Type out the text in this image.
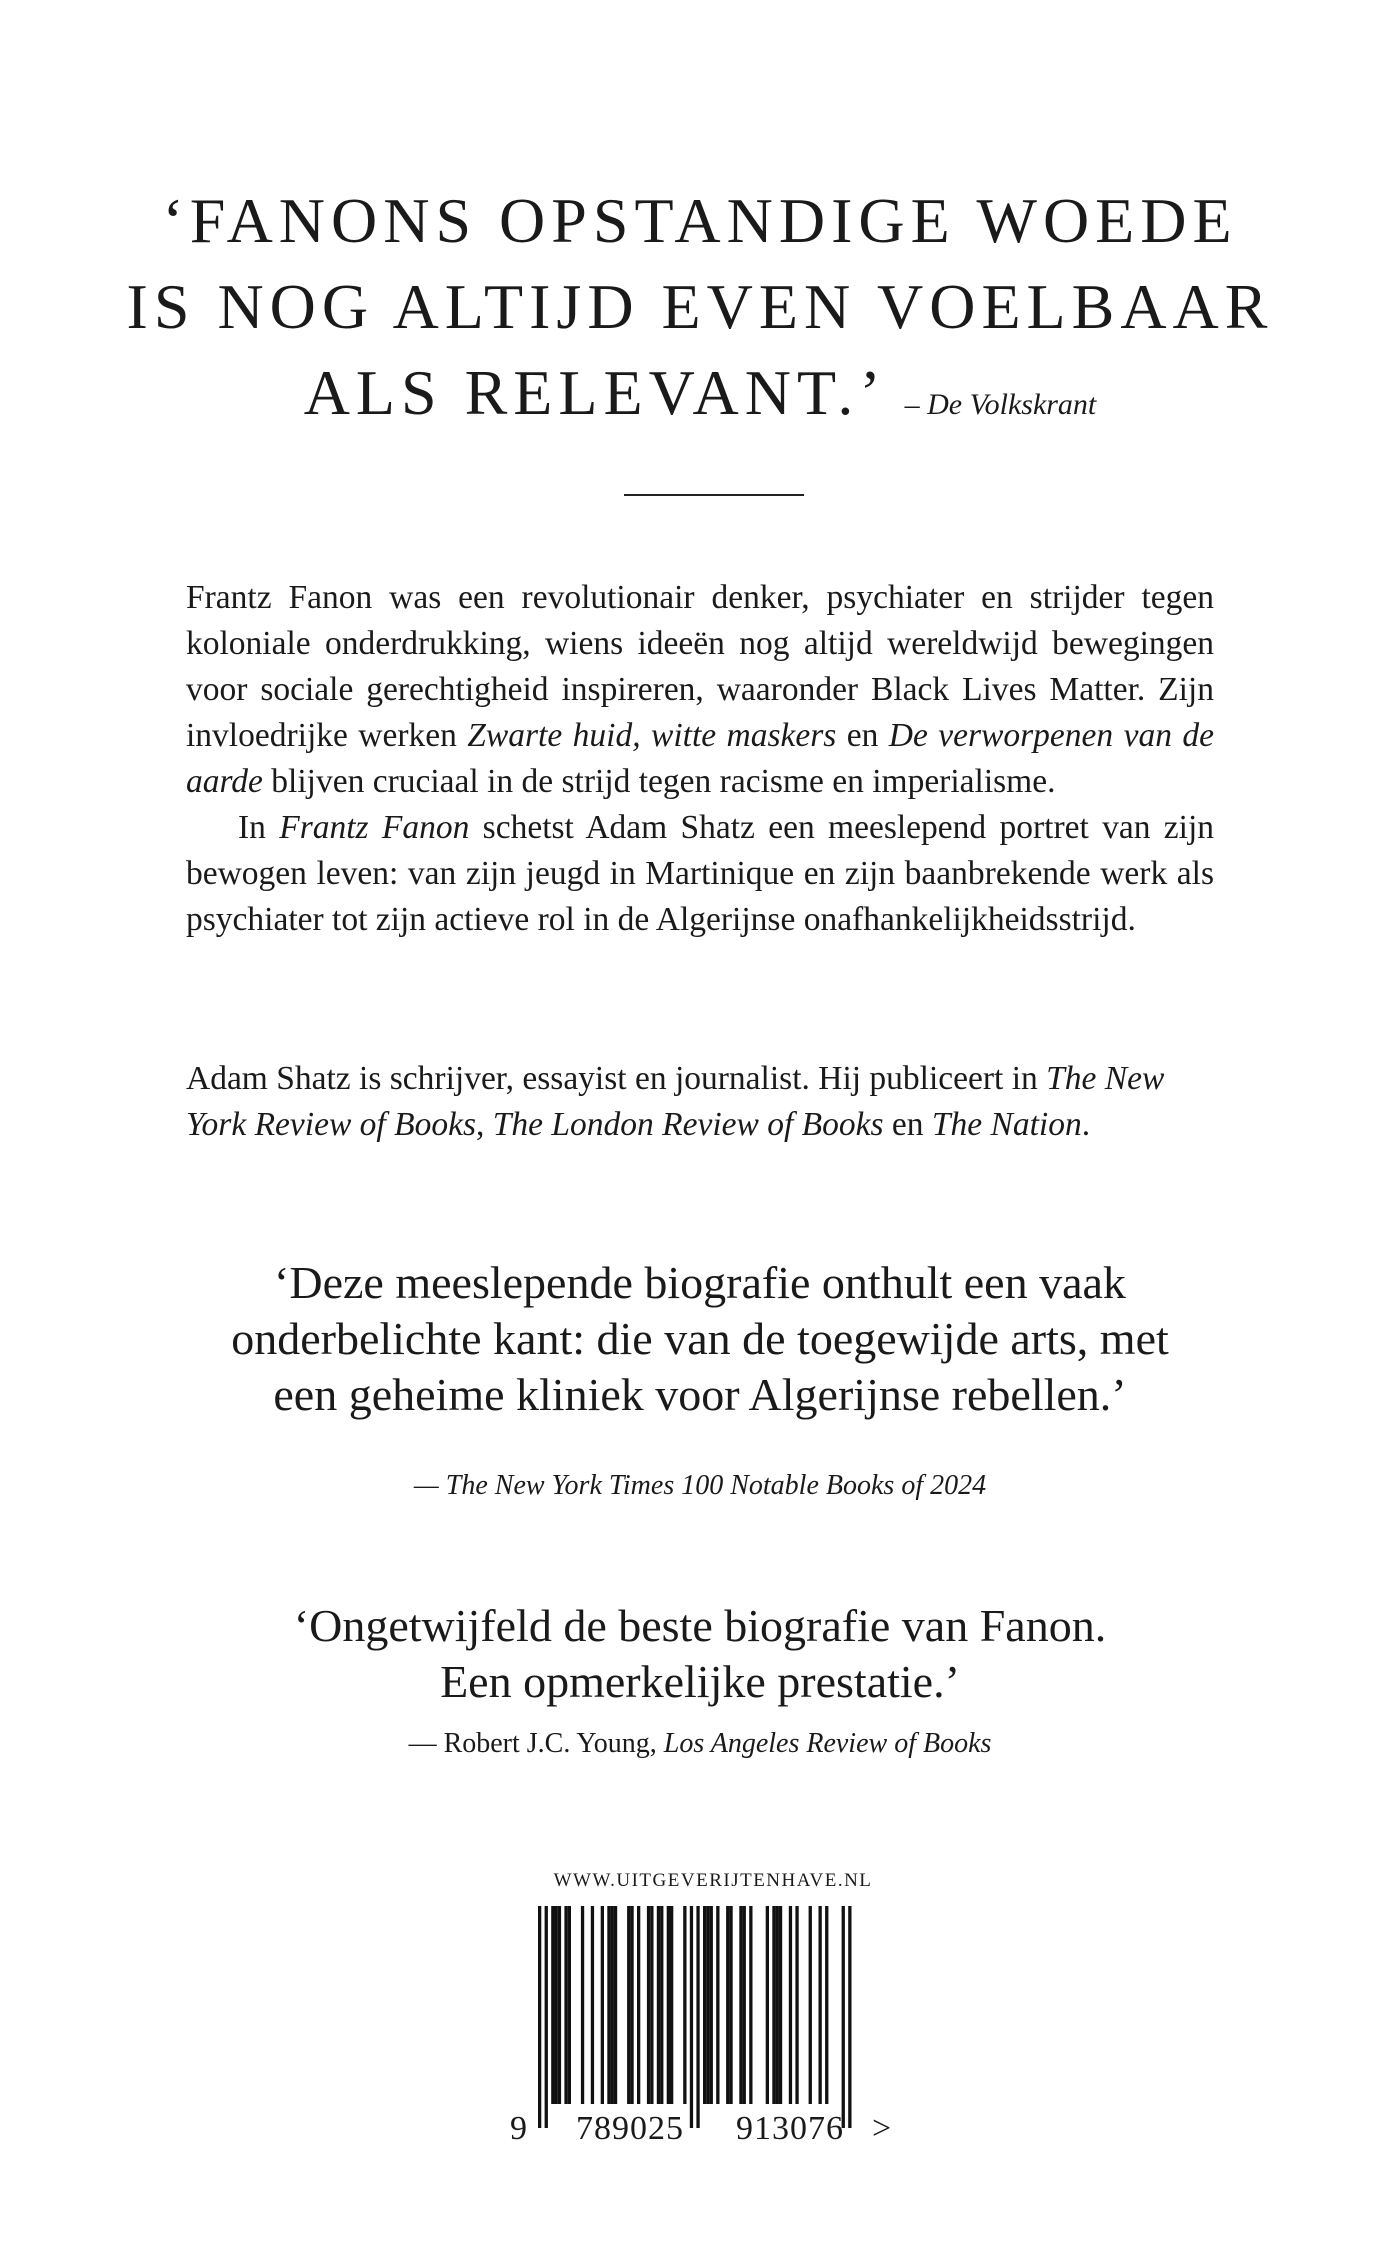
‘FANONS OPSTANDIGE WOEDE
IS NOG ALTIJD EVEN VOELBAAR
ALS RELEVANT.’ – De Volkskrant

Frantz Fanon was een revolutionair denker, psychiater en strijder tegen koloniale onderdrukking, wiens ideeën nog altijd wereldwijd bewegingen voor sociale gerechtigheid inspireren, waaronder Black Lives Matter. Zijn invloedrijke werken Zwarte huid, witte maskers en De verworpenen van de aarde blijven cruciaal in de strijd tegen racisme en imperialisme.

In Frantz Fanon schetst Adam Shatz een meeslepend portret van zijn bewogen leven: van zijn jeugd in Martinique en zijn baanbrekende werk als psychiater tot zijn actieve rol in de Algerijnse onafhankelijkheidsstrijd.

Adam Shatz is schrijver, essayist en journalist. Hij publiceert in The New York Review of Books, The London Review of Books en The Nation.

‘Deze meeslepende biografie onthult een vaak
onderbelichte kant: die van de toegewijde arts, met
een geheime kliniek voor Algerijnse rebellen.’
— The New York Times 100 Notable Books of 2024
‘Ongetwijfeld de beste biografie van Fanon.
Een opmerkelijke prestatie.’
— Robert J.C. Young, Los Angeles Review of Books
WWW.UITGEVERIJTENHAVE.NL
9 789025 913076 >
